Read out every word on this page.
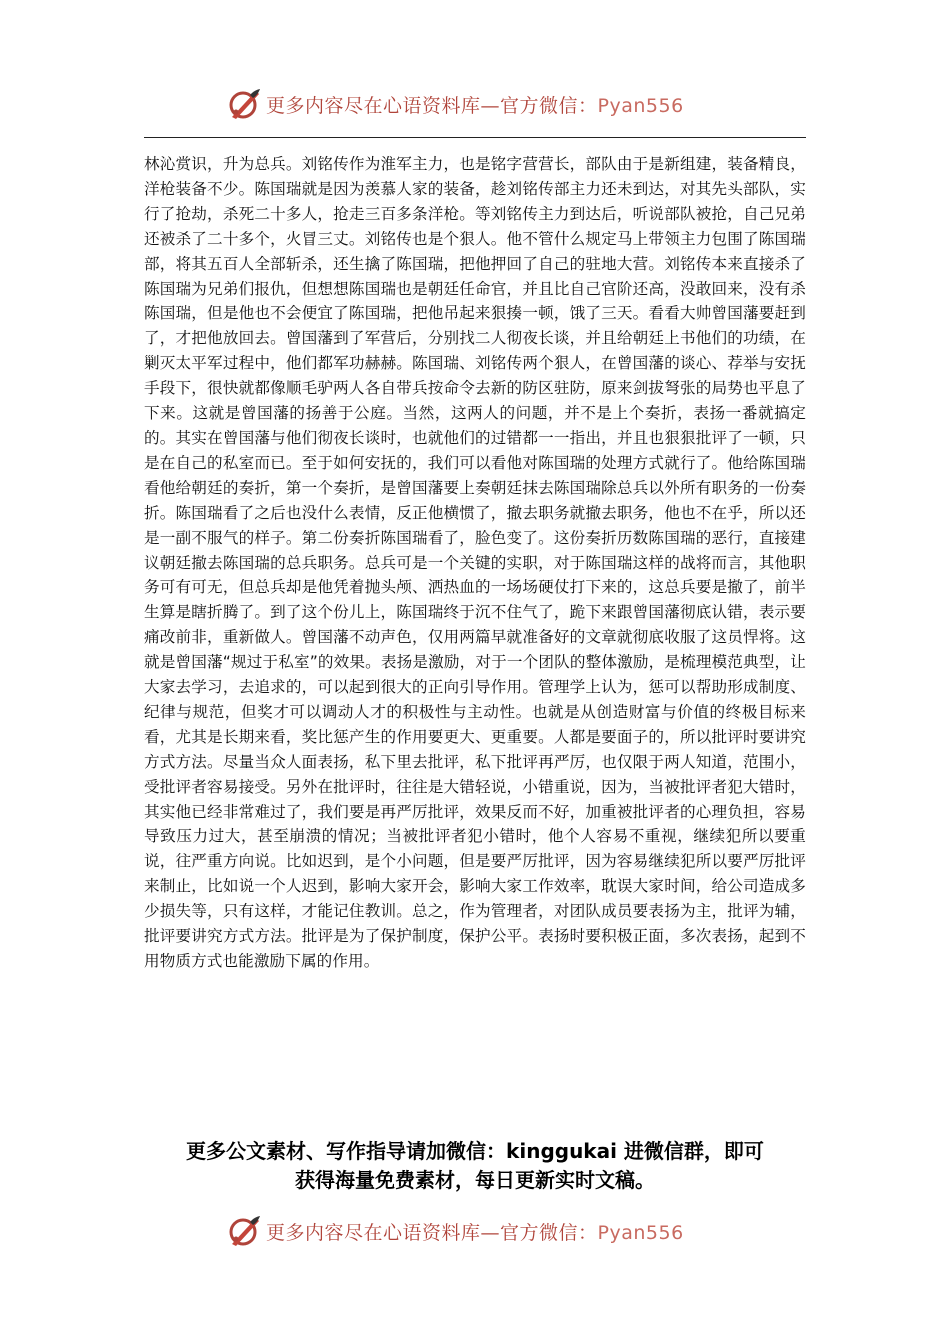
更多内容尽在心语资料库—官方微信：Pyan556

林沁赏识，升为总兵。刘铭传作为淮军主力，也是铭字营营长，部队由于是新组建，装备精良，洋枪装备不少。陈国瑞就是因为羡慕人家的装备，趁刘铭传部主力还未到达，对其先头部队，实行了抢劫，杀死二十多人，抢走三百多条洋枪。等刘铭传主力到达后，听说部队被抢，自己兄弟还被杀了二十多个，火冒三丈。刘铭传也是个狠人。他不管什么规定马上带领主力包围了陈国瑞部，将其五百人全部斩杀，还生擒了陈国瑞，把他押回了自己的驻地大营。刘铭传本来直接杀了陈国瑞为兄弟们报仇，但想想陈国瑞也是朝廷任命官，并且比自己官阶还高，没敢回来，没有杀陈国瑞，但是他也不会便宜了陈国瑞，把他吊起来狠揍一顿，饿了三天。看看大帅曾国藩要赶到了，才把他放回去。曾国藩到了军营后，分别找二人彻夜长谈，并且给朝廷上书他们的功绩，在剿灭太平军过程中，他们都军功赫赫。陈国瑞、刘铭传两个狠人，在曾国藩的谈心、荐举与安抚手段下，很快就都像顺毛驴两人各自带兵按命令去新的防区驻防，原来剑拔弩张的局势也平息了下来。这就是曾国藩的扬善于公庭。当然，这两人的问题，并不是上个奏折，表扬一番就搞定的。其实在曾国藩与他们彻夜长谈时，也就他们的过错都一一指出，并且也狠狠批评了一顿，只是在自己的私室而已。至于如何安抚的，我们可以看他对陈国瑞的处理方式就行了。他给陈国瑞看他给朝廷的奏折，第一个奏折，是曾国藩要上奏朝廷抹去陈国瑞除总兵以外所有职务的一份奏折。陈国瑞看了之后也没什么表情，反正他横惯了，撤去职务就撤去职务，他也不在乎，所以还是一副不服气的样子。第二份奏折陈国瑞看了，脸色变了。这份奏折历数陈国瑞的恶行，直接建议朝廷撤去陈国瑞的总兵职务。总兵可是一个关键的实职，对于陈国瑞这样的战将而言，其他职务可有可无，但总兵却是他凭着抛头颅、洒热血的一场场硬仗打下来的，这总兵要是撤了，前半生算是瞎折腾了。到了这个份儿上，陈国瑞终于沉不住气了，跪下来跟曾国藩彻底认错，表示要痛改前非，重新做人。曾国藩不动声色，仅用两篇早就准备好的文章就彻底收服了这员悍将。这就是曾国藩“规过于私室”的效果。表扬是激励，对于一个团队的整体激励，是梳理模范典型，让大家去学习，去追求的，可以起到很大的正向引导作用。管理学上认为，惩可以帮助形成制度、纪律与规范，但奖才可以调动人才的积极性与主动性。也就是从创造财富与价值的终极目标来看，尤其是长期来看，奖比惩产生的作用要更大、更重要。人都是要面子的，所以批评时要讲究方式方法。尽量当众人面表扬，私下里去批评，私下批评再严厉，也仅限于两人知道，范围小，受批评者容易接受。另外在批评时，往往是大错轻说，小错重说，因为，当被批评者犯大错时，其实他已经非常难过了，我们要是再严厉批评，效果反而不好，加重被批评者的心理负担，容易导致压力过大，甚至崩溃的情况；当被批评者犯小错时，他个人容易不重视，继续犯所以要重说，往严重方向说。比如迟到，是个小问题，但是要严厉批评，因为容易继续犯所以要严厉批评来制止，比如说一个人迟到，影响大家开会，影响大家工作效率，耽误大家时间，给公司造成多少损失等，只有这样，才能记住教训。总之，作为管理者，对团队成员要表扬为主，批评为辅，批评要讲究方式方法。批评是为了保护制度，保护公平。表扬时要积极正面，多次表扬，起到不用物质方式也能激励下属的作用。

更多公文素材、写作指导请加微信：kinggukai 进微信群，即可
获得海量免费素材，每日更新实时文稿。
更多内容尽在心语资料库—官方微信：Pyan556
